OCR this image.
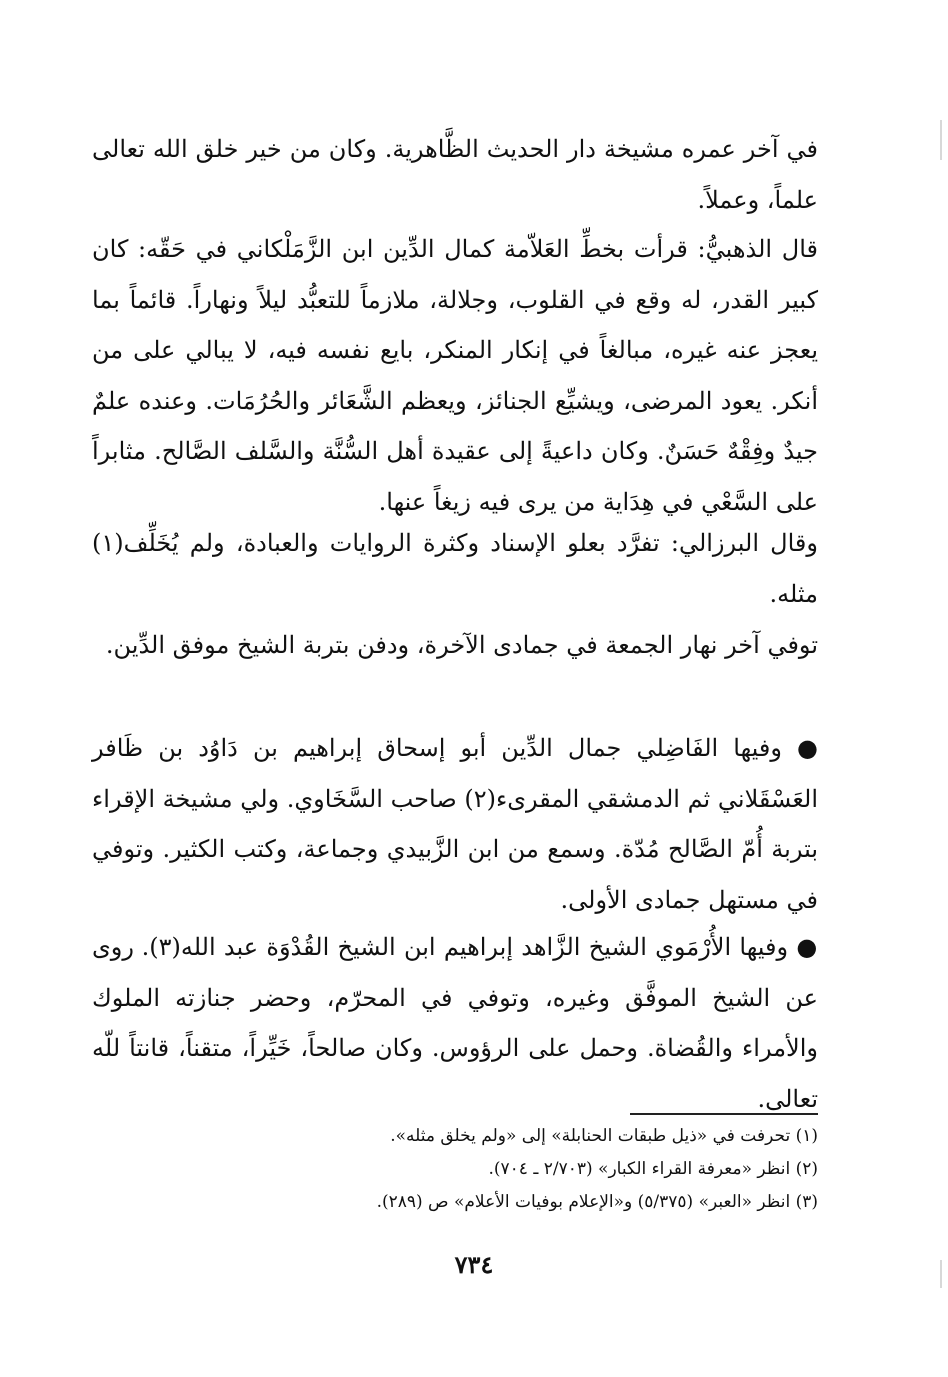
في آخر عمره مشيخة دار الحديث الظَّاهرية. وكان من خير خلق الله تعالى علماً، وعملاً.

قال الذهبيُّ: قرأت بخطِّ العَلاّمة كمال الدِّين ابن الزَّمَلْكاني في حَقّه: كان كبير القدر، له وقع في القلوب، وجلالة، ملازماً للتعبُّد ليلاً ونهاراً. قائماً بما يعجز عنه غيره، مبالغاً في إنكار المنكر، بايع نفسه فيه، لا يبالي على من أنكر. يعود المرضى، ويشيِّع الجنائز، ويعظم الشَّعَائر والحُرُمَات. وعنده علمٌ جيدٌ وفِقْهٌ حَسَنٌ. وكان داعيةً إلى عقيدة أهل السُّنَّة والسَّلف الصَّالح. مثابراً على السَّعْي في هِدَاية من يرى فيه زيغاً عنها.

وقال البرزالي: تفرَّد بعلو الإسناد وكثرة الروايات والعبادة، ولم يُخَلِّف(١) مثله.

توفي آخر نهار الجمعة في جمادى الآخرة، ودفن بتربة الشيخ موفق الدِّين.

● وفيها الفَاضِلي جمال الدِّين أبو إسحاق إبراهيم بن دَاوُد بن ظَافر العَسْقَلاني ثم الدمشقي المقرىء(٢) صاحب السَّخَاوي. ولي مشيخة الإقراء بتربة أُمّ الصَّالح مُدّة. وسمع من ابن الزَّبيدي وجماعة، وكتب الكثير. وتوفي في مستهل جمادى الأولى.

● وفيها الأُرْمَوي الشيخ الزَّاهد إبراهيم ابن الشيخ القُدْوَة عبد الله(٣). روى عن الشيخ الموفَّق وغيره، وتوفي في المحرّم، وحضر جنازته الملوك والأمراء والقُضاة. وحمل على الرؤوس. وكان صالحاً، خَيِّراً، متقناً، قانتاً للّه تعالى.

(١) تحرفت في «ذيل طبقات الحنابلة» إلى «ولم يخلق مثله».
(٢) انظر «معرفة القراء الكبار» (٢/٧٠٣ ـ ٧٠٤).
(٣) انظر «العبر» (٥/٣٧٥) و«الإعلام بوفيات الأعلام» ص (٢٨٩).
٧٣٤
